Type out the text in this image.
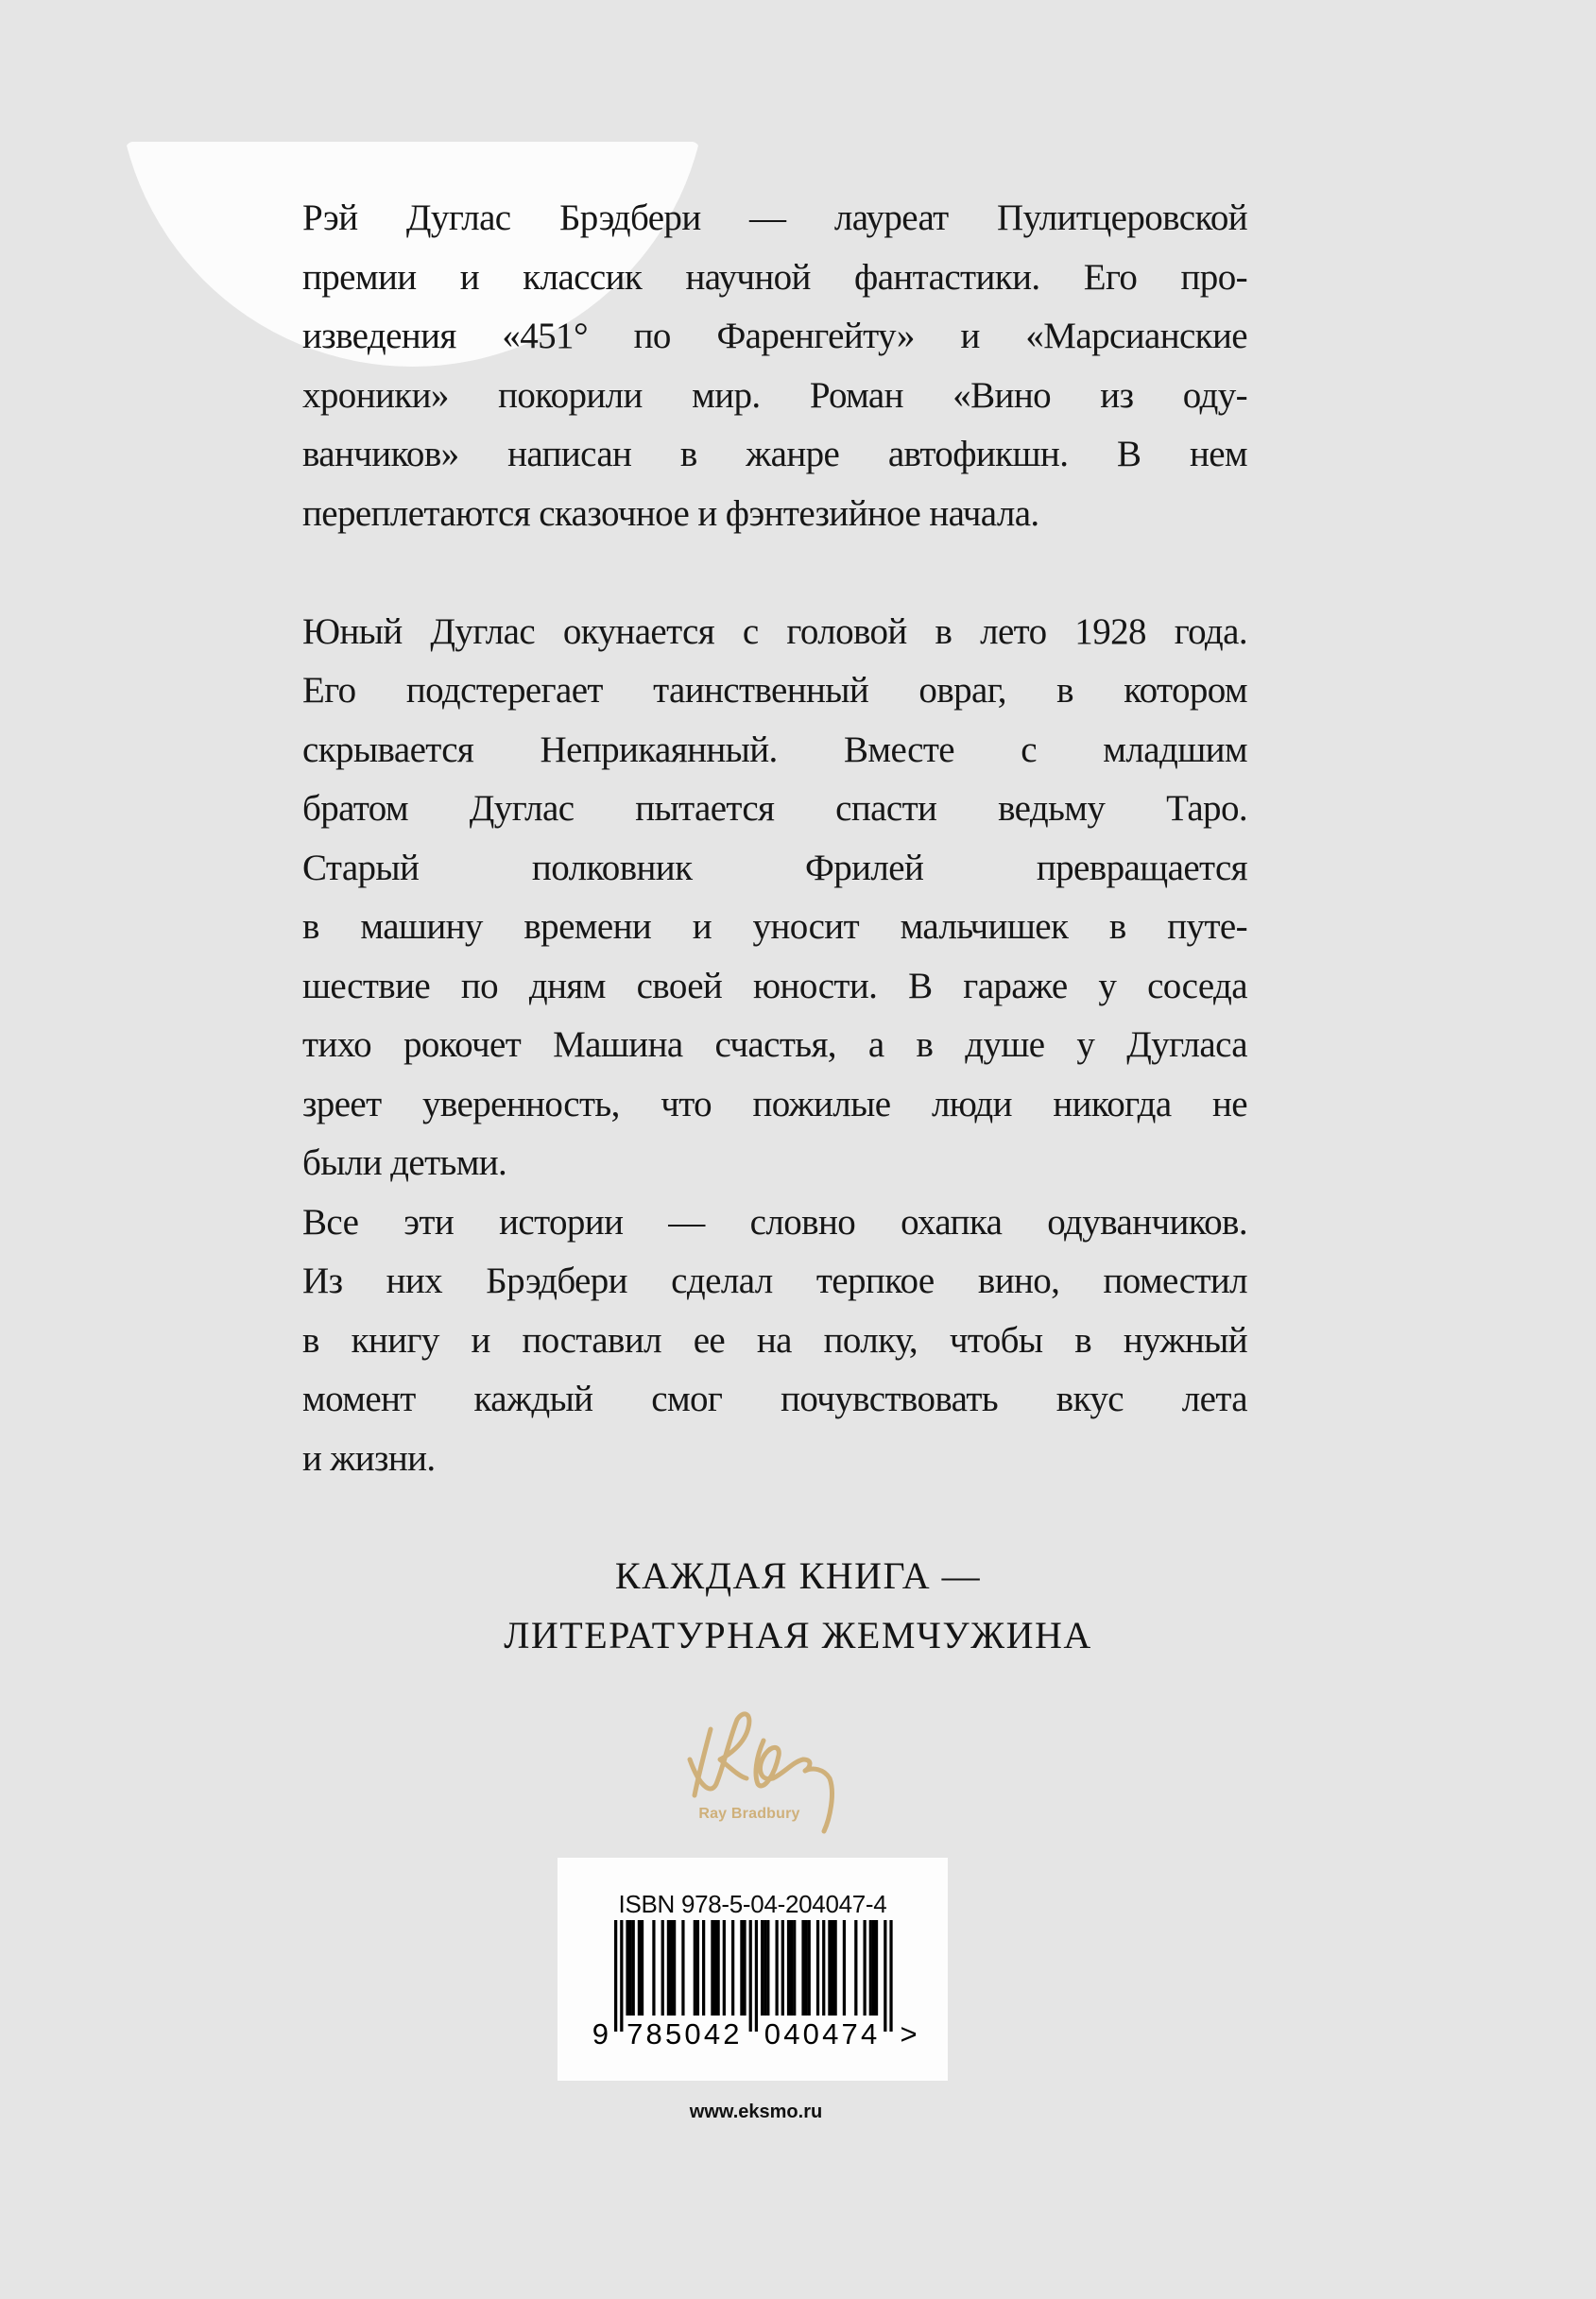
Рэй Дуглас Брэдбери — лауреат Пулитцеровской
премии и классик научной фантастики. Его про-
изведения «451° по Фаренгейту» и «Марсианские
хроники» покорили мир. Роман «Вино из оду-
ванчиков» написан в жанре автофикшн. В нем
переплетаются сказочное и фэнтезийное начала.
Юный Дуглас окунается с головой в лето 1928 года.
Его подстерегает таинственный овраг, в котором
скрывается Неприкаянный. Вместе с младшим
братом Дуглас пытается спасти ведьму Таро.
Старый полковник Фрилей превращается
в машину времени и уносит мальчишек в путе-
шествие по дням своей юности. В гараже у соседа
тихо рокочет Машина счастья, а в душе у Дугласа
зреет уверенность, что пожилые люди никогда не
были детьми.
Все эти истории — словно охапка одуванчиков.
Из них Брэдбери сделал терпкое вино, поместил
в книгу и поставил ее на полку, чтобы в нужный
момент каждый смог почувствовать вкус лета
и жизни.
КАЖДАЯ КНИГА —
ЛИТЕРАТУРНАЯ ЖЕМЧУЖИНА
Ray Bradbury
ISBN 978-5-04-204047-4
9 785042 040474 >
www.eksmo.ru
